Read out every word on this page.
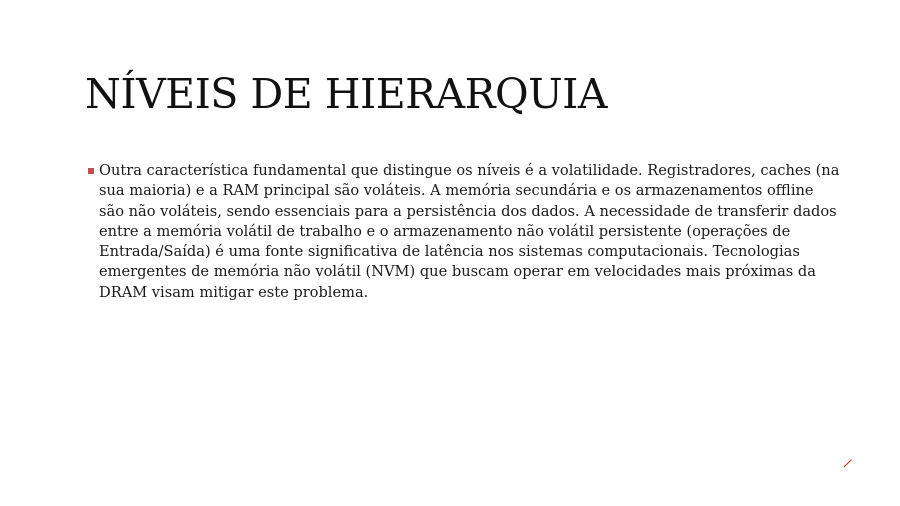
NÍVEIS DE HIERARQUIA

Outra característica fundamental que distingue os níveis é a volatilidade. Registradores, caches (na sua maioria) e a RAM principal são voláteis. A memória secundária e os armazenamentos offline são não voláteis, sendo essenciais para a persistência dos dados. A necessidade de transferir dados entre a memória volátil de trabalho e o armazenamento não volátil persistente (operações de Entrada/Saída) é uma fonte significativa de latência nos sistemas computacionais. Tecnologias emergentes de memória não volátil (NVM) que buscam operar em velocidades mais próximas da DRAM visam mitigar este problema.
